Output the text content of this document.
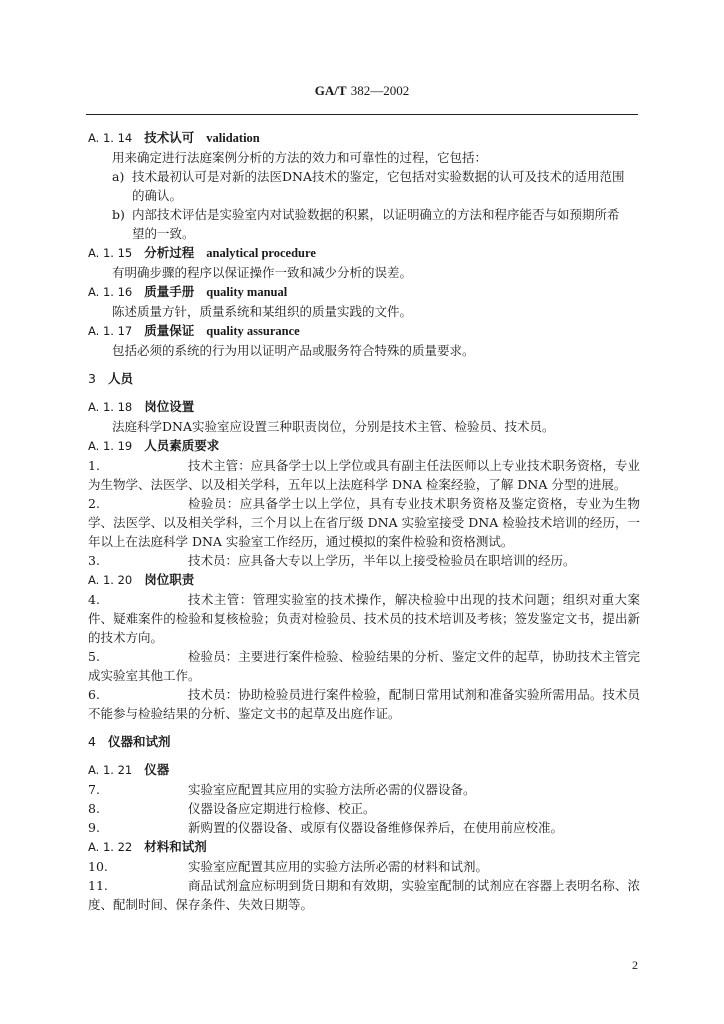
GA/T 382—2002
A. 1. 14 技术认可 validation
用来确定进行法庭案例分析的方法的效力和可靠性的过程，它包括：
a) 技术最初认可是对新的法医DNA技术的鉴定，它包括对实验数据的认可及技术的适用范围
的确认。
b) 内部技术评估是实验室内对试验数据的积累，以证明确立的方法和程序能否与如预期所希
望的一致。
A. 1. 15 分析过程 analytical procedure
有明确步骤的程序以保证操作一致和减少分析的误差。
A. 1. 16 质量手册 quality manual
陈述质量方针，质量系统和某组织的质量实践的文件。
A. 1. 17 质量保证 quality assurance
包括必须的系统的行为用以证明产品或服务符合特殊的质量要求。
3 人员
A. 1. 18 岗位设置
法庭科学DNA实验室应设置三种职责岗位，分别是技术主管、检验员、技术员。
A. 1. 19 人员素质要求
1.	技术主管：应具备学士以上学位或具有副主任法医师以上专业技术职务资格，专业为生物学、法医学、以及相关学科，五年以上法庭科学 DNA 检案经验，了解 DNA 分型的进展。
2.	检验员：应具备学士以上学位，具有专业技术职务资格及鉴定资格，专业为生物学、法医学、以及相关学科，三个月以上在省厅级 DNA 实验室接受 DNA 检验技术培训的经历，一年以上在法庭科学 DNA 实验室工作经历，通过模拟的案件检验和资格测试。
3.	技术员：应具备大专以上学历，半年以上接受检验员在职培训的经历。
A. 1. 20 岗位职责
4.	技术主管：管理实验室的技术操作，解决检验中出现的技术问题；组织对重大案件、疑难案件的检验和复核检验；负责对检验员、技术员的技术培训及考核；签发鉴定文书，提出新的技术方向。
5.	检验员：主要进行案件检验、检验结果的分析、鉴定文件的起草，协助技术主管完成实验室其他工作。
6.	技术员：协助检验员进行案件检验，配制日常用试剂和准备实验所需用品。技术员不能参与检验结果的分析、鉴定文书的起草及出庭作证。
4 仪器和试剂
A. 1. 21 仪器
7.	实验室应配置其应用的实验方法所必需的仪器设备。
8.	仪器设备应定期进行检修、校正。
9.	新购置的仪器设备、或原有仪器设备维修保养后，在使用前应校准。
A. 1. 22 材料和试剂
10.	实验室应配置其应用的实验方法所必需的材料和试剂。
11.	商品试剂盒应标明到货日期和有效期，实验室配制的试剂应在容器上表明名称、浓度、配制时间、保存条件、失效日期等。
2
